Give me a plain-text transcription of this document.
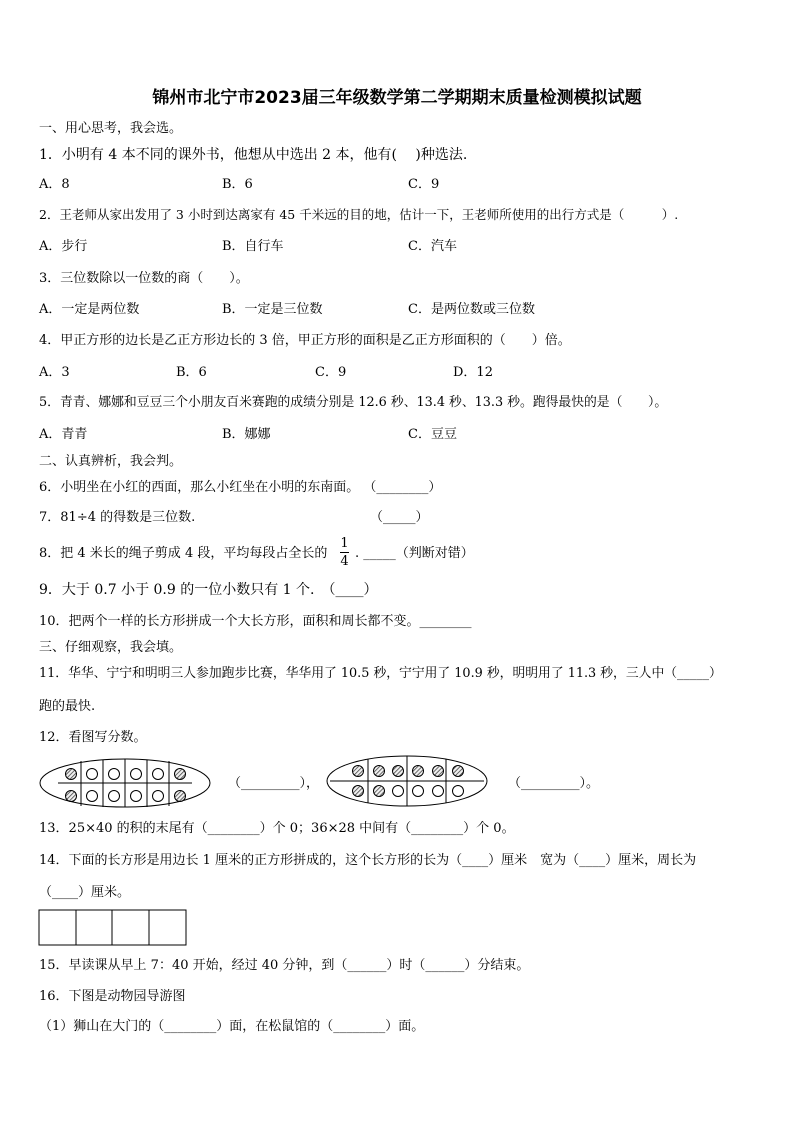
锦州市北宁市2023届三年级数学第二学期期末质量检测模拟试题
一、用心思考，我会选。
1．小明有 4 本不同的课外书，他想从中选出 2 本，他有(　 )种选法.
A．8	B．6	C．9
2．王老师从家出发用了 3 小时到达离家有 45 千米远的目的地，估计一下，王老师所使用的出行方式是（　　　）.
A．步行	B．自行车	C．汽车
3．三位数除以一位数的商（　　）。
A．一定是两位数	B．一定是三位数	C．是两位数或三位数
4．甲正方形的边长是乙正方形边长的 3 倍，甲正方形的面积是乙正方形面积的（　　）倍。
A．3	B．6	C．9	D．12
5．青青、娜娜和豆豆三个小朋友百米赛跑的成绩分别是 12.6 秒、13.4 秒、13.3 秒。跑得最快的是（　　）。
A．青青	B．娜娜	C．豆豆
二、认真辨析，我会判。
6．小明坐在小红的西面，那么小红坐在小明的东南面。 （________）
7．81÷4 的得数是三位数.	（_____）
8．把 4 米长的绳子剪成 4 段，平均每段占全长的
1
4
. _____（判断对错）
9．大于 0.7 小于 0.9 的一位小数只有 1 个.　（____）
10．把两个一样的长方形拼成一个大长方形，面积和周长都不变。________
三、仔细观察，我会填。
11．华华、宁宁和明明三人参加跑步比赛，华华用了 10.5 秒，宁宁用了 10.9 秒，明明用了 11.3 秒，三人中（_____）
跑的最快.
12．看图写分数。
（_________），	（_________）。
13．25×40 的积的末尾有（________）个 0；36×28 中间有（________）个 0。
14．下面的长方形是用边长 1 厘米的正方形拼成的，这个长方形的长为（____）厘米　宽为（____）厘米，周长为
（____）厘米。
15．早读课从早上 7：40 开始，经过 40 分钟，到（______）时（______）分结束。
16．下图是动物园导游图
（1）狮山在大门的（________）面，在松鼠馆的（________）面。
